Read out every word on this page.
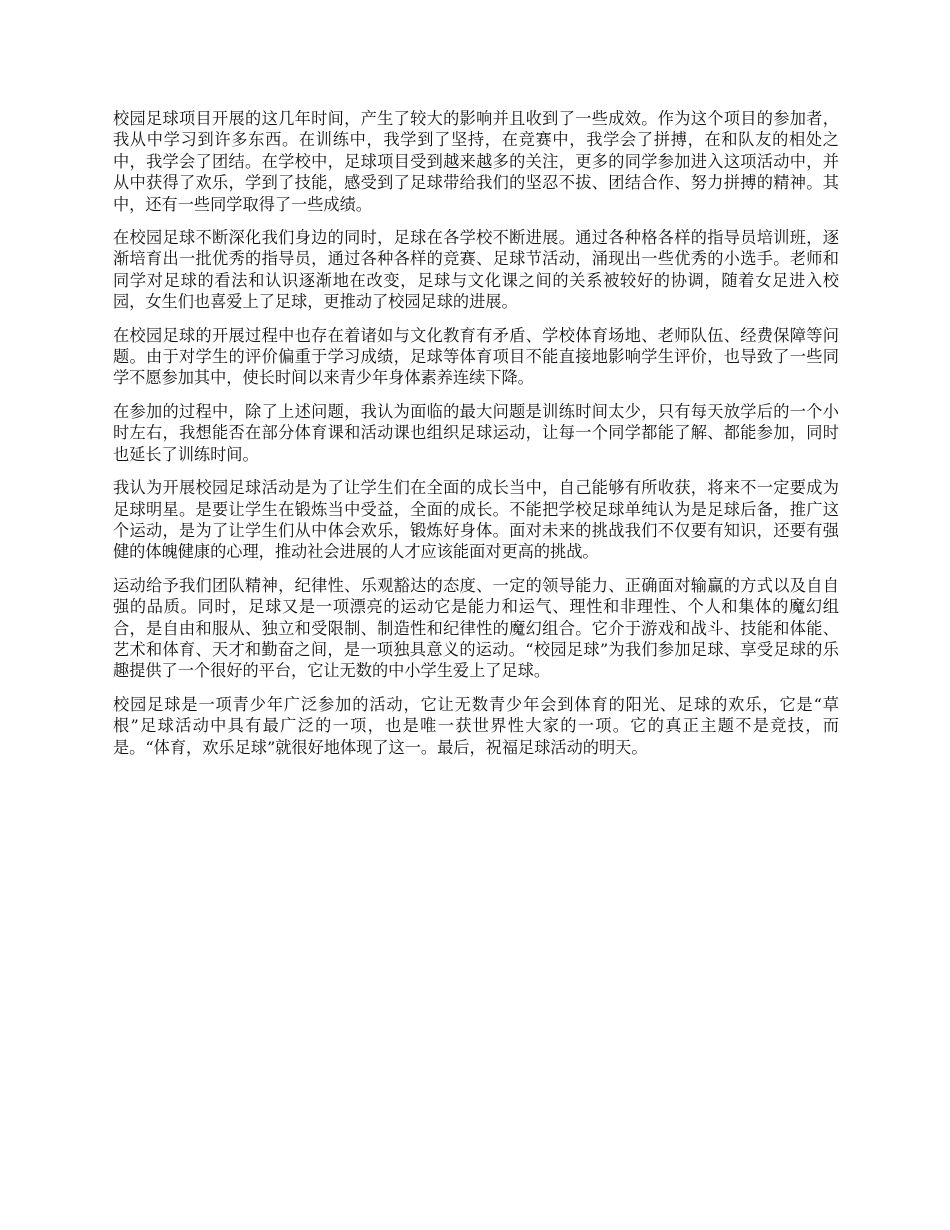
校园足球项目开展的这几年时间，产生了较大的影响并且收到了一些成效。作为这个项目的参加者，我从中学习到许多东西。在训练中，我学到了坚持，在竞赛中，我学会了拼搏，在和队友的相处之中，我学会了团结。在学校中，足球项目受到越来越多的关注，更多的同学参加进入这项活动中，并从中获得了欢乐，学到了技能，感受到了足球带给我们的坚忍不拔、团结合作、努力拼搏的精神。其中，还有一些同学取得了一些成绩。

在校园足球不断深化我们身边的同时，足球在各学校不断进展。通过各种格各样的指导员培训班，逐渐培育出一批优秀的指导员，通过各种各样的竞赛、足球节活动，涌现出一些优秀的小选手。老师和同学对足球的看法和认识逐渐地在改变，足球与文化课之间的关系被较好的协调，随着女足进入校园，女生们也喜爱上了足球，更推动了校园足球的进展。

在校园足球的开展过程中也存在着诸如与文化教育有矛盾、学校体育场地、老师队伍、经费保障等问题。由于对学生的评价偏重于学习成绩，足球等体育项目不能直接地影响学生评价，也导致了一些同学不愿参加其中，使长时间以来青少年身体素养连续下降。

在参加的过程中，除了上述问题，我认为面临的最大问题是训练时间太少，只有每天放学后的一个小时左右，我想能否在部分体育课和活动课也组织足球运动，让每一个同学都能了解、都能参加，同时也延长了训练时间。

我认为开展校园足球活动是为了让学生们在全面的成长当中，自己能够有所收获，将来不一定要成为足球明星。是要让学生在锻炼当中受益，全面的成长。不能把学校足球单纯认为是足球后备，推广这个运动，是为了让学生们从中体会欢乐，锻炼好身体。面对未来的挑战我们不仅要有知识，还要有强健的体魄健康的心理，推动社会进展的人才应该能面对更高的挑战。

运动给予我们团队精神，纪律性、乐观豁达的态度、一定的领导能力、正确面对输赢的方式以及自自强的品质。同时，足球又是一项漂亮的运动它是能力和运气、理性和非理性、个人和集体的魔幻组合，是自由和服从、独立和受限制、制造性和纪律性的魔幻组合。它介于游戏和战斗、技能和体能、艺术和体育、天才和勤奋之间，是一项独具意义的运动。“校园足球”为我们参加足球、享受足球的乐趣提供了一个很好的平台，它让无数的中小学生爱上了足球。

校园足球是一项青少年广泛参加的活动，它让无数青少年会到体育的阳光、足球的欢乐，它是“草根”足球活动中具有最广泛的一项，也是唯一获世界性大家的一项。它的真正主题不是竞技，而是。“体育，欢乐足球”就很好地体现了这一。最后，祝福足球活动的明天。
